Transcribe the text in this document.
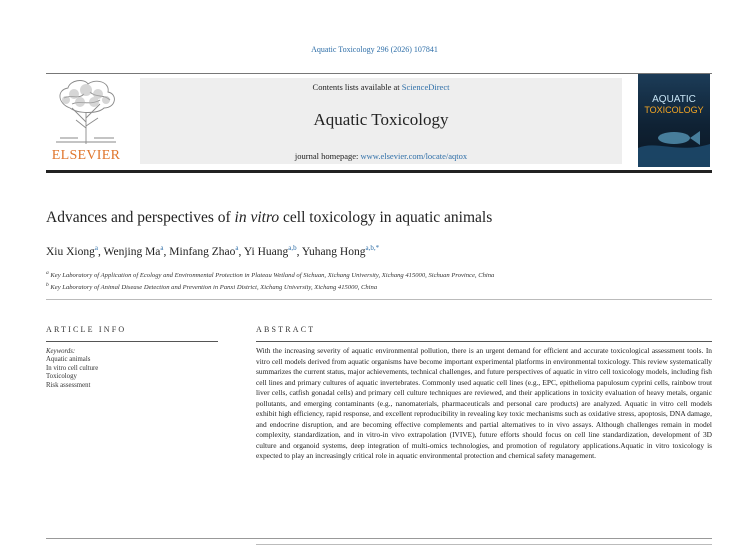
Aquatic Toxicology 296 (2026) 107841
ELSEVIER
Contents lists available at ScienceDirect
Aquatic Toxicology
journal homepage: www.elsevier.com/locate/aqtox
AQUATIC
TOXICOLOGY
Advances and perspectives of in vitro cell toxicology in aquatic animals
Xiu Xiong$^a$, Wenjing Ma$^a$, Minfang Zhao$^a$, Yi Huang$^{a,b}$, Yuhang Hong$^{a,b,*}$
$^a$ Key Laboratory of Application of Ecology and Environmental Protection in Plateau Wetland of Sichuan, Xichang University, Xichang 415000, Sichuan Province, China
$^b$ Key Laboratory of Animal Disease Detection and Prevention in Panxi District, Xichang University, Xichang 415000, China
ARTICLE INFO	ABSTRACT
Keywords:
Aquatic animals
In vitro cell culture
Toxicology
Risk assessment
With the increasing severity of aquatic environmental pollution, there is an urgent demand for efficient and accurate toxicological assessment tools. In vitro cell models derived from aquatic organisms have become important experimental platforms in environmental toxicology. This review systematically summarizes the current status, major achievements, technical challenges, and future perspectives of aquatic in vitro cell toxicology models, including fish cell lines and primary cultures of aquatic invertebrates. Commonly used aquatic cell lines (e.g., EPC, epithelioma papulosum cyprini cells, rainbow trout liver cells, catfish gonadal cells) and primary cell culture techniques are reviewed, and their applications in toxicity evaluation of heavy metals, organic pollutants, and emerging contaminants (e.g., nanomaterials, pharmaceuticals and personal care products) are analyzed. Aquatic in vitro cell models exhibit high efficiency, rapid response, and excellent reproducibility in revealing key toxic mechanisms such as oxidative stress, apoptosis, DNA damage, and endocrine disruption, and are becoming effective complements and partial alternatives to in vivo assays. Although challenges remain in model complexity, standardization, and in vitro-in vivo extrapolation (IVIVE), future efforts should focus on cell line standardization, development of 3D culture and organoid systems, deep integration of multi-omics technologies, and promotion of regulatory applications.Aquatic in vitro toxicology is expected to play an increasingly critical role in aquatic environmental protection and chemical safety management.
